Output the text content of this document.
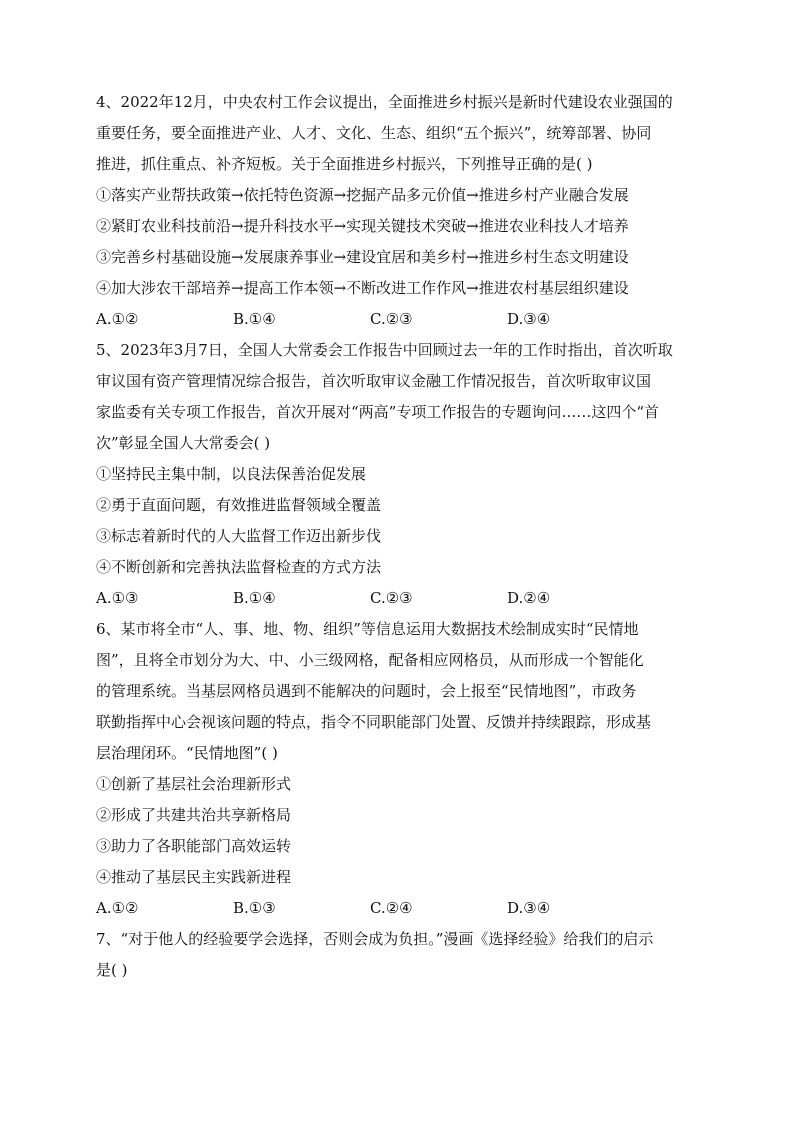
4、2022年12月，中央农村工作会议提出，全面推进乡村振兴是新时代建设农业强国的

重要任务，要全面推进产业、人才、文化、生态、组织“五个振兴”，统筹部署、协同

推进，抓住重点、补齐短板。关于全面推进乡村振兴，下列推导正确的是( )

①落实产业帮扶政策→依托特色资源→挖掘产品多元价值→推进乡村产业融合发展

②紧盯农业科技前沿→提升科技水平→实现关键技术突破→推进农业科技人才培养

③完善乡村基础设施→发展康养事业→建设宜居和美乡村→推进乡村生态文明建设

④加大涉农干部培养→提高工作本领→不断改进工作作风→推进农村基层组织建设

A.①②	B.①④	C.②③	D.③④

5、2023年3月7日，全国人大常委会工作报告中回顾过去一年的工作时指出，首次听取

审议国有资产管理情况综合报告，首次听取审议金融工作情况报告，首次听取审议国

家监委有关专项工作报告，首次开展对“两高”专项工作报告的专题询问……这四个“首

次”彰显全国人大常委会( )

①坚持民主集中制，以良法保善治促发展

②勇于直面问题，有效推进监督领域全覆盖

③标志着新时代的人大监督工作迈出新步伐

④不断创新和完善执法监督检查的方式方法

A.①③	B.①④	C.②③	D.②④

6、某市将全市“人、事、地、物、组织”等信息运用大数据技术绘制成实时“民情地

图”，且将全市划分为大、中、小三级网格，配备相应网格员，从而形成一个智能化

的管理系统。当基层网格员遇到不能解决的问题时，会上报至“民情地图”，市政务

联勤指挥中心会视该问题的特点，指令不同职能部门处置、反馈并持续跟踪，形成基

层治理闭环。“民情地图”( )

①创新了基层社会治理新形式

②形成了共建共治共享新格局

③助力了各职能部门高效运转

④推动了基层民主实践新进程

A.①②	B.①③	C.②④	D.③④

7、“对于他人的经验要学会选择，否则会成为负担。”漫画《选择经验》给我们的启示

是( )
